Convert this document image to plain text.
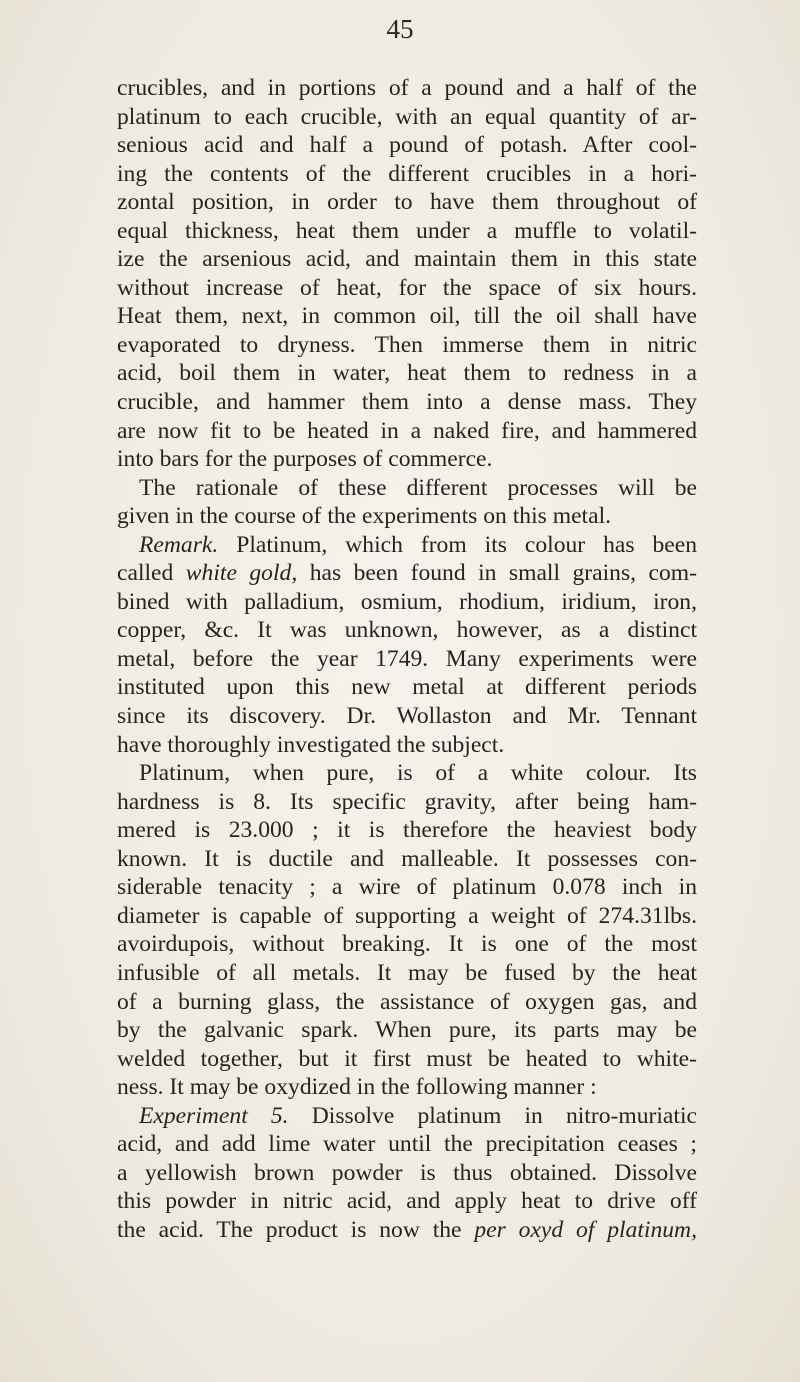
45
crucibles, and in portions of a pound and a half of the
platinum to each crucible, with an equal quantity of ar-
senious acid and half a pound of potash. After cool-
ing the contents of the different crucibles in a hori-
zontal position, in order to have them throughout of
equal thickness, heat them under a muffle to volatil-
ize the arsenious acid, and maintain them in this state
without increase of heat, for the space of six hours.
Heat them, next, in common oil, till the oil shall have
evaporated to dryness. Then immerse them in nitric
acid, boil them in water, heat them to redness in a
crucible, and hammer them into a dense mass. They
are now fit to be heated in a naked fire, and hammered
into bars for the purposes of commerce.
The rationale of these different processes will be
given in the course of the experiments on this metal.
Remark. Platinum, which from its colour has been
called white gold, has been found in small grains, com-
bined with palladium, osmium, rhodium, iridium, iron,
copper, &c. It was unknown, however, as a distinct
metal, before the year 1749. Many experiments were
instituted upon this new metal at different periods
since its discovery. Dr. Wollaston and Mr. Tennant
have thoroughly investigated the subject.
Platinum, when pure, is of a white colour. Its
hardness is 8. Its specific gravity, after being ham-
mered is 23.000 ; it is therefore the heaviest body
known. It is ductile and malleable. It possesses con-
siderable tenacity ; a wire of platinum 0.078 inch in
diameter is capable of supporting a weight of 274.31lbs.
avoirdupois, without breaking. It is one of the most
infusible of all metals. It may be fused by the heat
of a burning glass, the assistance of oxygen gas, and
by the galvanic spark. When pure, its parts may be
welded together, but it first must be heated to white-
ness. It may be oxydized in the following manner :
Experiment 5. Dissolve platinum in nitro-muriatic
acid, and add lime water until the precipitation ceases ;
a yellowish brown powder is thus obtained. Dissolve
this powder in nitric acid, and apply heat to drive off
the acid. The product is now the per oxyd of platinum,
